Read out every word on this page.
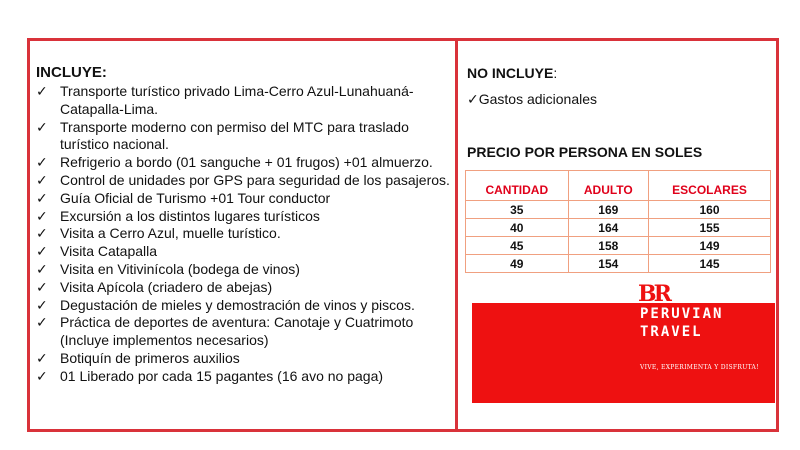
INCLUYE:
✓ Transporte turístico privado Lima-Cerro Azul-Lunahuaná-Catapalla-Lima.
✓ Transporte moderno con permiso del MTC para traslado turístico nacional.
✓ Refrigerio a bordo (01 sanguche + 01 frugos) +01 almuerzo.
✓ Control de unidades por GPS para seguridad de los pasajeros.
✓ Guía Oficial de Turismo +01 Tour conductor
✓ Excursión a los distintos lugares turísticos
✓ Visita a Cerro Azul, muelle turístico.
✓ Visita Catapalla
✓ Visita en Vitivinícola (bodega de vinos)
✓ Visita Apícola (criadero de abejas)
✓ Degustación de mieles y demostración de vinos y piscos.
✓ Práctica de deportes de aventura: Canotaje y Cuatrimoto (Incluye implementos necesarios)
✓ Botiquín de primeros auxilios
✓ 01 Liberado por cada 15 pagantes (16 avo no paga)
NO INCLUYE:
✓Gastos adicionales
PRECIO POR PERSONA EN SOLES
CANTIDAD	ADULTO	ESCOLARES
35	169	160
40	164	155
45	158	149
49	154	145
PERUVIAN
TRAVEL
VIVE, EXPERIMENTA Y DISFRUTA!
BR
